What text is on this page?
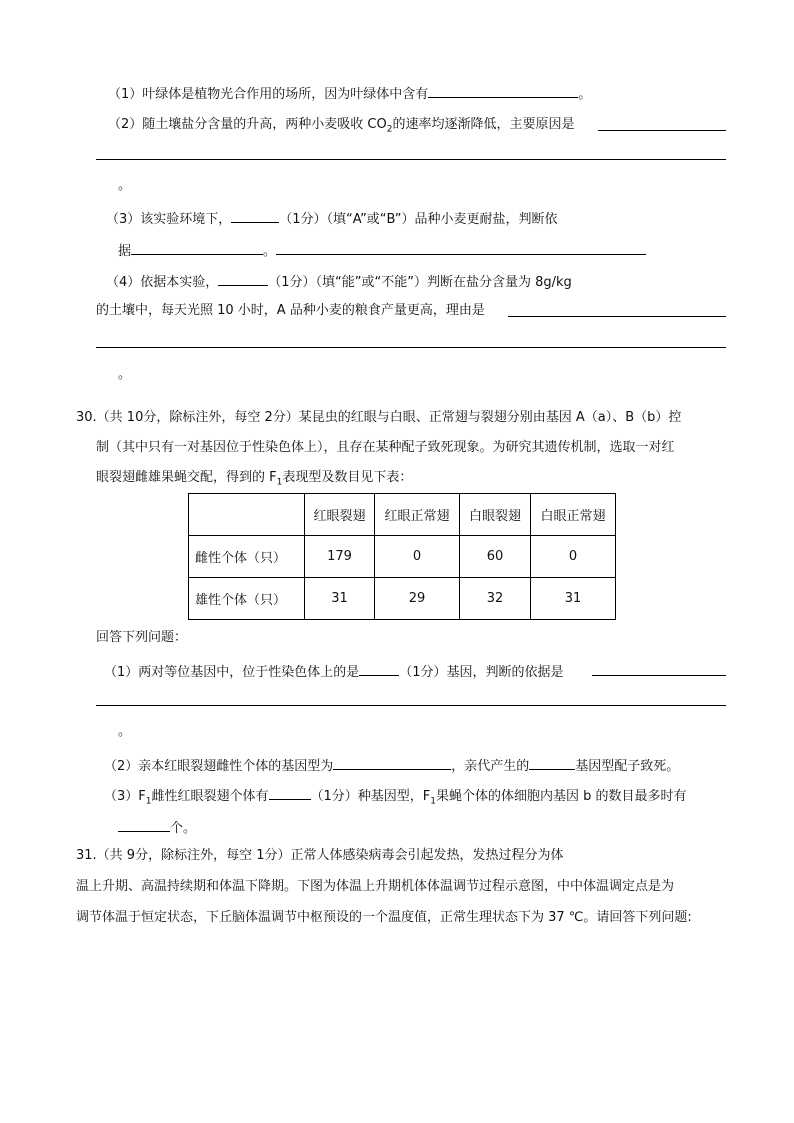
（1）叶绿体是植物光合作用的场所，因为叶绿体中含有	。
（2）随土壤盐分含量的升高，两种小麦吸收 $CO_2$的速率均逐渐降低，主要原因是
。
（3）该实验环境下，	（1分）（填“A”或“B”）品种小麦更耐盐，判断依
据	。
（4）依据本实验，	（1分）（填“能”或“不能”）判断在盐分含量为 8g/kg
的土壤中，每天光照 10 小时，A 品种小麦的粮食产量更高，理由是
。
30.（共 10分，除标注外，每空 2分）某昆虫的红眼与白眼、正常翅与裂翅分别由基因 A（a）、B（b）控
制（其中只有一对基因位于性染色体上），且存在某种配子致死现象。为研究其遗传机制，选取一对红
眼裂翅雌雄果蝇交配，得到的 $F_1$表现型及数目见下表：
	红眼裂翅	红眼正常翅	白眼裂翅	白眼正常翅
雌性个体（只）	179	0	60	0
雄性个体（只）	31	29	32	31
回答下列问题：
（1）两对等位基因中，位于性染色体上的是	（1分）基因，判断的依据是
。
（2）亲本红眼裂翅雌性个体的基因型为	，亲代产生的	基因型配子致死。
$(3)F_1$雌性红眼裂翅个体有	（1分）种基因型，$F_1$果蝇个体的体细胞内基因 b 的数目最多时有
个。
31.（共 9分，除标注外，每空 1分）正常人体感染病毒会引起发热，发热过程分为体
温上升期、高温持续期和体温下降期。下图为体温上升期机体体温调节过程示意图，中中体温调定点是为
调节体温于恒定状态，下丘脑体温调节中枢预设的一个温度值，正常生理状态下为 37 ℃。请回答下列问题:
